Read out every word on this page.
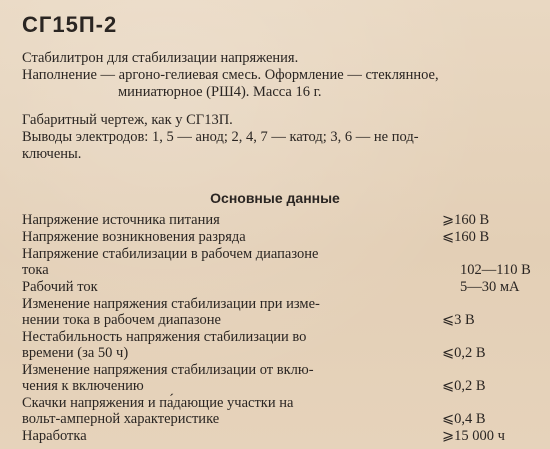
СГ15П-2
Стабилитрон для стабилизации напряжения.
Наполнение — аргоно-гелиевая смесь. Оформление — стеклянное,
миниатюрное (РШ4). Масса 16 г.
Габаритный чертеж, как у СГ13П.
Выводы электродов: 1, 5 — анод; 2, 4, 7 — катод; 3, 6 — не под-
ключены.
Основные данные
Напряжение источника питания	⩾160 В
Напряжение возникновения разряда	⩽160 В
Напряжение стабилизации в рабочем диапазоне
тока	102—110 В
Рабочий ток	5—30 мА
Изменение напряжения стабилизации при изме-
нении тока в рабочем диапазоне	⩽3 В
Нестабильность напряжения стабилизации во
времени (за 50 ч)	⩽0,2 В
Изменение напряжения стабилизации от вклю-
чения к включению	⩽0,2 В
Скачки напряжения и па́дающие участки на
вольт-амперной характеристике	⩽0,4 В
Наработка	⩾15 000 ч
